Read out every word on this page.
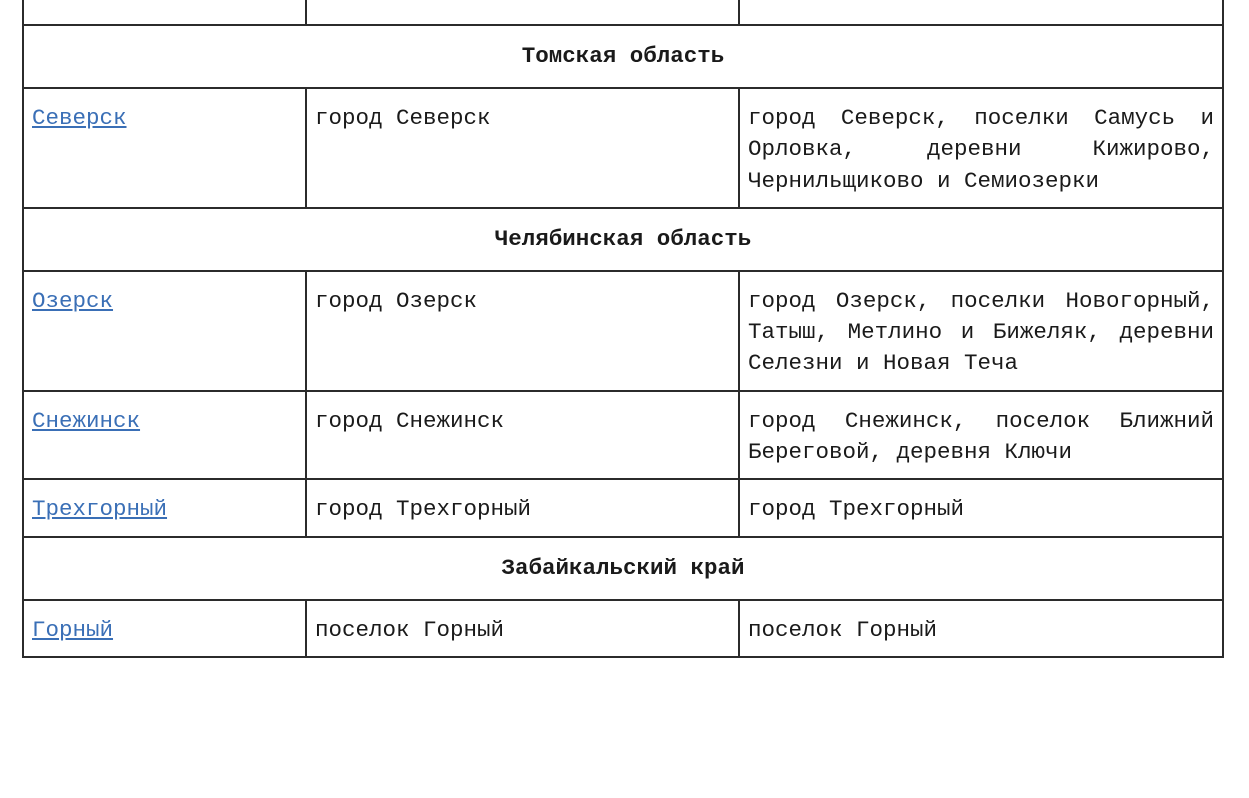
Томская область		
Северск	город Северск	город Северск, поселки Самусь и Орловка, деревни Кижирово, Чернильщиково и Семиозерки
Челябинская область		
Озерск	город Озерск	город Озерск, поселки Новогорный, Татыш, Метлино и Бижеляк, деревни Селезни и Новая Теча
Снежинск	город Снежинск	город Снежинск, поселок Ближний Береговой, деревня Ключи
Трехгорный	город Трехгорный	город Трехгорный
Забайкальский край		
Горный	поселок Горный	поселок Горный
